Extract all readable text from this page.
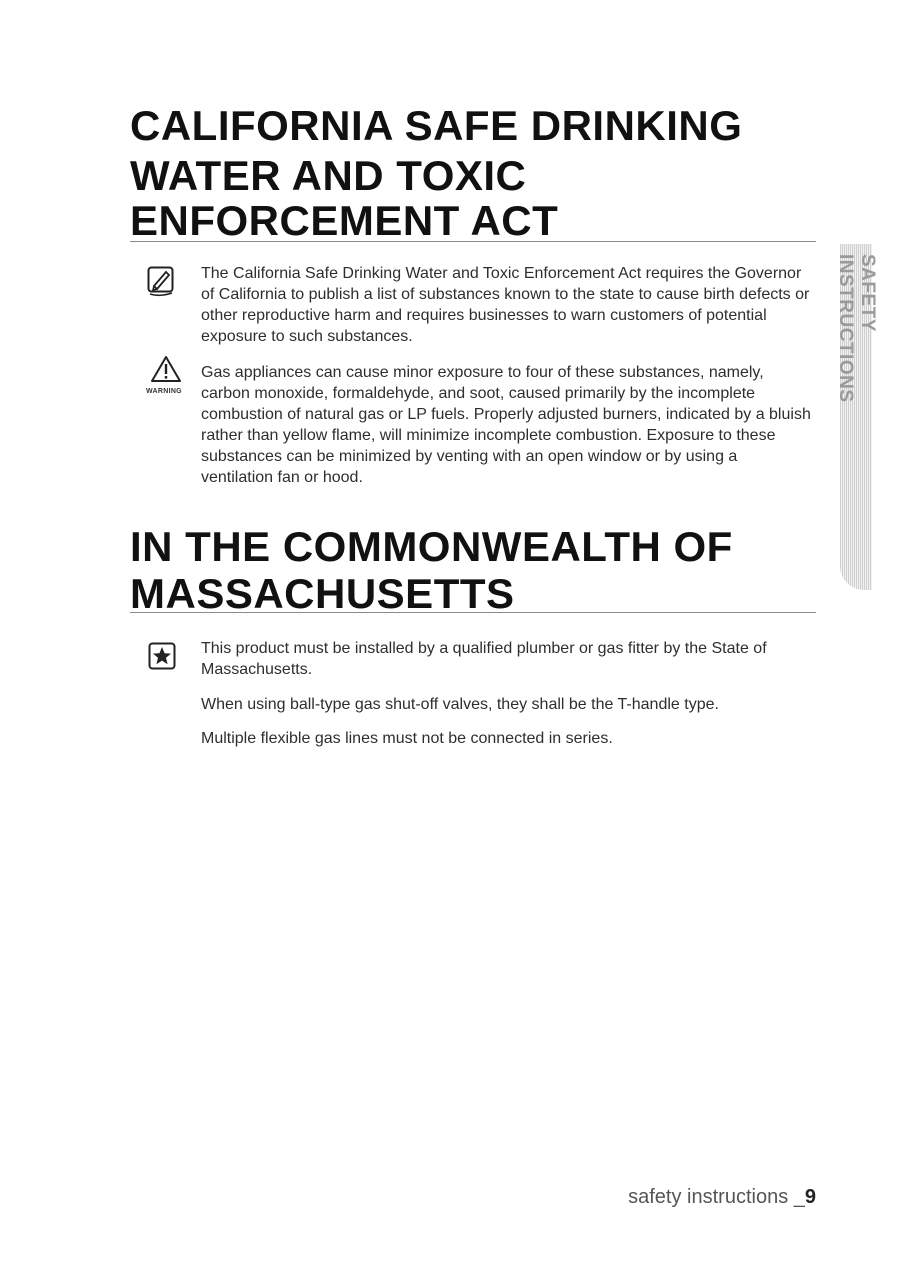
CALIFORNIA SAFE DRINKING
WATER AND TOXIC
ENFORCEMENT ACT

The California Safe Drinking Water and Toxic Enforcement Act requires the Governor of California to publish a list of substances known to the state to cause birth defects or other reproductive harm and requires businesses to warn customers of potential exposure to such substances.

WARNING

Gas appliances can cause minor exposure to four of these substances, namely, carbon monoxide, formaldehyde, and soot, caused primarily by the incomplete combustion of natural gas or LP fuels. Properly adjusted burners, indicated by a bluish rather than yellow flame, will minimize incomplete combustion. Exposure to these substances can be minimized by venting with an open window or by using a ventilation fan or hood.

IN THE COMMONWEALTH OF
MASSACHUSETTS

This product must be installed by a qualified plumber or gas fitter by the State of Massachusetts.

When using ball-type gas shut-off valves, they shall be the T-handle type.

Multiple flexible gas lines must not be connected in series.

SAFETY INSTRUCTIONS
safety instructions _9
